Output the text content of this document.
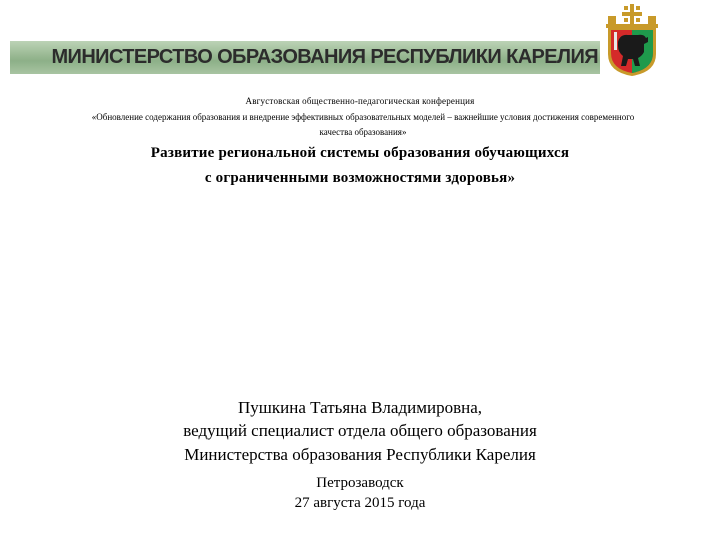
МИНИСТЕРСТВО ОБРАЗОВАНИЯ РЕСПУБЛИКИ КАРЕЛИЯ
Августовская общественно-педагогическая конференция
«Обновление содержания образования и внедрение эффективных образовательных моделей – важнейшие условия достижения современного
качества образования»
Развитие региональной системы образования обучающихся
с ограниченными возможностями здоровья»
Пушкина Татьяна Владимировна,
ведущий специалист отдела общего образования
Министерства образования Республики Карелия
Петрозаводск
27 августа 2015 года
